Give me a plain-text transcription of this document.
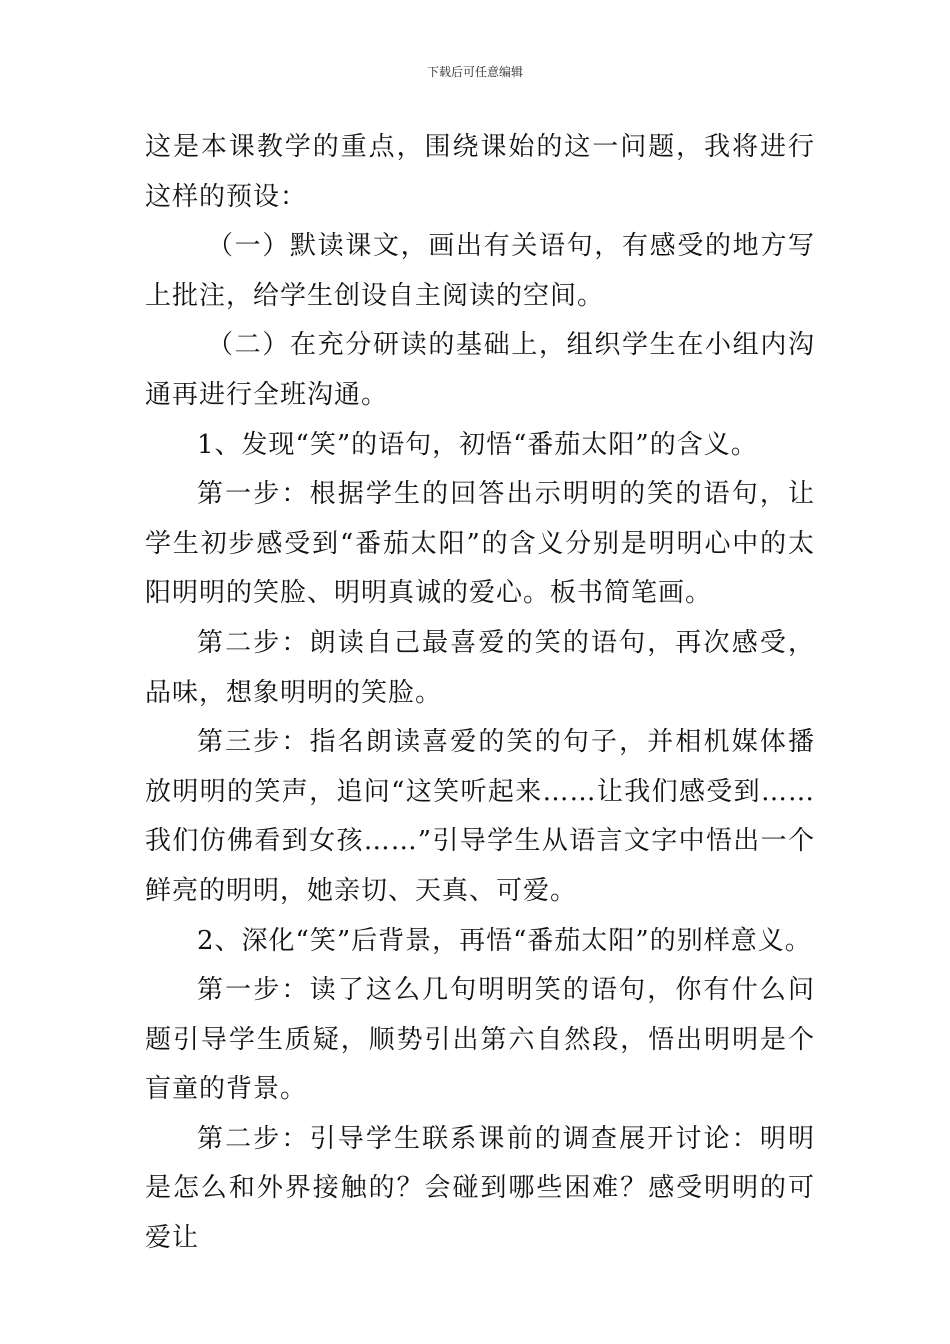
下载后可任意编辑

这是本课教学的重点，围绕课始的这一问题，我将进行这样的预设：

（一）默读课文，画出有关语句，有感受的地方写上批注，给学生创设自主阅读的空间。

（二）在充分研读的基础上，组织学生在小组内沟通再进行全班沟通。

1、发现“笑”的语句，初悟“番茄太阳”的含义。

第一步：根据学生的回答出示明明的笑的语句，让学生初步感受到“番茄太阳”的含义分别是明明心中的太阳明明的笑脸、明明真诚的爱心。板书简笔画。

第二步：朗读自己最喜爱的笑的语句，再次感受，品味，想象明明的笑脸。

第三步：指名朗读喜爱的笑的句子，并相机媒体播放明明的笑声，追问“这笑听起来……让我们感受到……我们仿佛看到女孩……”引导学生从语言文字中悟出一个鲜亮的明明，她亲切、天真、可爱。

2、深化“笑”后背景，再悟“番茄太阳”的别样意义。

第一步：读了这么几句明明笑的语句，你有什么问题引导学生质疑，顺势引出第六自然段，悟出明明是个盲童的背景。

第二步：引导学生联系课前的调查展开讨论：明明是怎么和外界接触的？会碰到哪些困难？感受明明的可爱让
